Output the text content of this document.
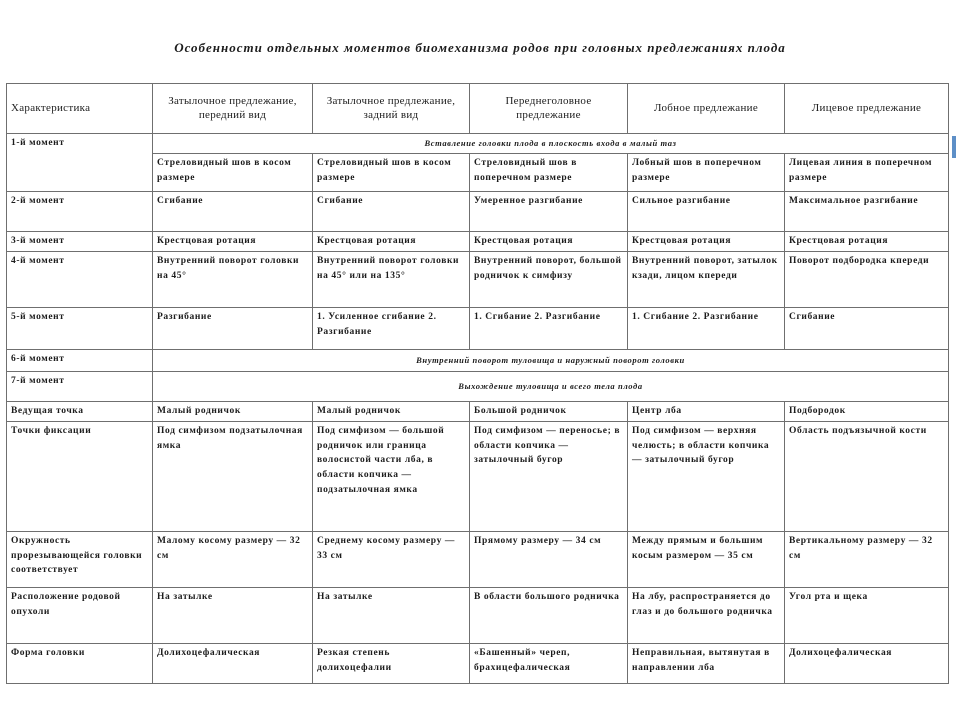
Особенности отдельных моментов биомеханизма родов при головных предлежаниях плода
Характеристика	Затылочное предлежание, передний вид	Затылочное предлежание, задний вид	Переднеголовное предлежание	Лобное предлежание	Лицевое предлежание
1-й момент	Вставление головки плода в плоскость входа в малый таз				
	Стреловидный шов в косом размере	Стреловидный шов в косом размере	Стреловидный шов в поперечном размере	Лобный шов в поперечном размере	Лицевая линия в поперечном размере
2-й момент	Сгибание	Сгибание	Умеренное разгибание	Сильное разгибание	Максимальное разгибание
3-й момент	Крестцовая ротация	Крестцовая ротация	Крестцовая ротация	Крестцовая ротация	Крестцовая ротация
4-й момент	Внутренний поворот головки на 45°	Внутренний поворот головки на 45° или на 135°	Внутренний поворот, большой родничок к симфизу	Внутренний поворот, затылок кзади, лицом кпереди	Поворот подбородка кпереди
5-й момент	Разгибание	1. Усиленное сгибание 2. Разгибание	1. Сгибание 2. Разгибание	1. Сгибание 2. Разгибание	Сгибание
6-й момент	Внутренний поворот туловища и наружный поворот головки				
7-й момент	Выхождение туловища и всего тела плода				
Ведущая точка	Малый родничок	Малый родничок	Большой родничок	Центр лба	Подбородок
Точки фиксации	Под симфизом подзатылочная ямка	Под симфизом — большой родничок или граница волосистой части лба, в области копчика — подзатылочная ямка	Под симфизом — переносье; в области копчика — затылочный бугор	Под симфизом — верхняя челюсть; в области копчика — затылочный бугор	Область подъязычной кости
Окружность прорезывающейся головки соответствует	Малому косому размеру — 32 см	Среднему косому размеру — 33 см	Прямому размеру — 34 см	Между прямым и большим косым размером — 35 см	Вертикальному размеру — 32 см
Расположение родовой опухоли	На затылке	На затылке	В области большого родничка	На лбу, распространяется до глаз и до большого родничка	Угол рта и щека
Форма головки	Долихоцефалическая	Резкая степень долихоцефалии	«Башенный» череп, брахицефалическая	Неправильная, вытянутая в направлении лба	Долихоцефалическая
